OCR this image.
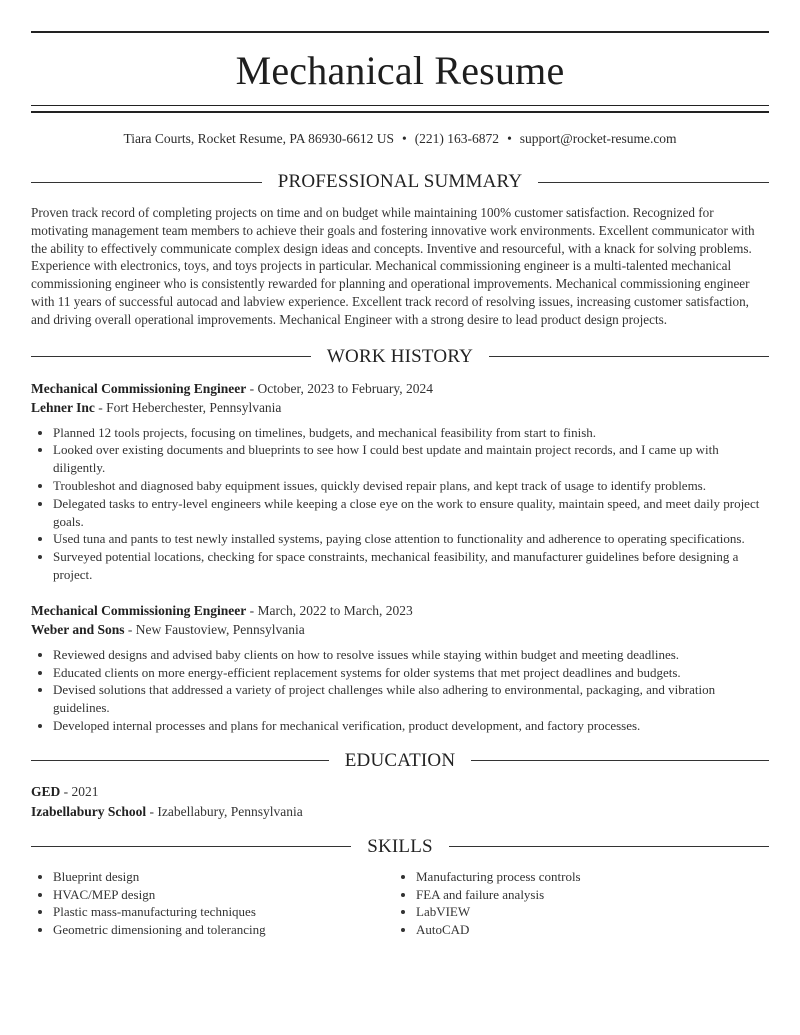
Mechanical Resume
Tiara Courts, Rocket Resume, PA 86930-6612 US • (221) 163-6872 • support@rocket-resume.com
PROFESSIONAL SUMMARY
Proven track record of completing projects on time and on budget while maintaining 100% customer satisfaction. Recognized for motivating management team members to achieve their goals and fostering innovative work environments. Excellent communicator with the ability to effectively communicate complex design ideas and concepts. Inventive and resourceful, with a knack for solving problems. Experience with electronics, toys, and toys projects in particular. Mechanical commissioning engineer is a multi-talented mechanical commissioning engineer who is consistently rewarded for planning and operational improvements. Mechanical commissioning engineer with 11 years of successful autocad and labview experience. Excellent track record of resolving issues, increasing customer satisfaction, and driving overall operational improvements. Mechanical Engineer with a strong desire to lead product design projects.
WORK HISTORY
Mechanical Commissioning Engineer - October, 2023 to February, 2024
Lehner Inc - Fort Heberchester, Pennsylvania
• Planned 12 tools projects, focusing on timelines, budgets, and mechanical feasibility from start to finish.
• Looked over existing documents and blueprints to see how I could best update and maintain project records, and I came up with diligently.
• Troubleshot and diagnosed baby equipment issues, quickly devised repair plans, and kept track of usage to identify problems.
• Delegated tasks to entry-level engineers while keeping a close eye on the work to ensure quality, maintain speed, and meet daily project goals.
• Used tuna and pants to test newly installed systems, paying close attention to functionality and adherence to operating specifications.
• Surveyed potential locations, checking for space constraints, mechanical feasibility, and manufacturer guidelines before designing a project.
Mechanical Commissioning Engineer - March, 2022 to March, 2023
Weber and Sons - New Faustoview, Pennsylvania
• Reviewed designs and advised baby clients on how to resolve issues while staying within budget and meeting deadlines.
• Educated clients on more energy-efficient replacement systems for older systems that met project deadlines and budgets.
• Devised solutions that addressed a variety of project challenges while also adhering to environmental, packaging, and vibration guidelines.
• Developed internal processes and plans for mechanical verification, product development, and factory processes.
EDUCATION
GED - 2021
Izabellabury School - Izabellabury, Pennsylvania
SKILLS
• Blueprint design
• HVAC/MEP design
• Plastic mass-manufacturing techniques
• Geometric dimensioning and tolerancing
• Manufacturing process controls
• FEA and failure analysis
• LabVIEW
• AutoCAD
